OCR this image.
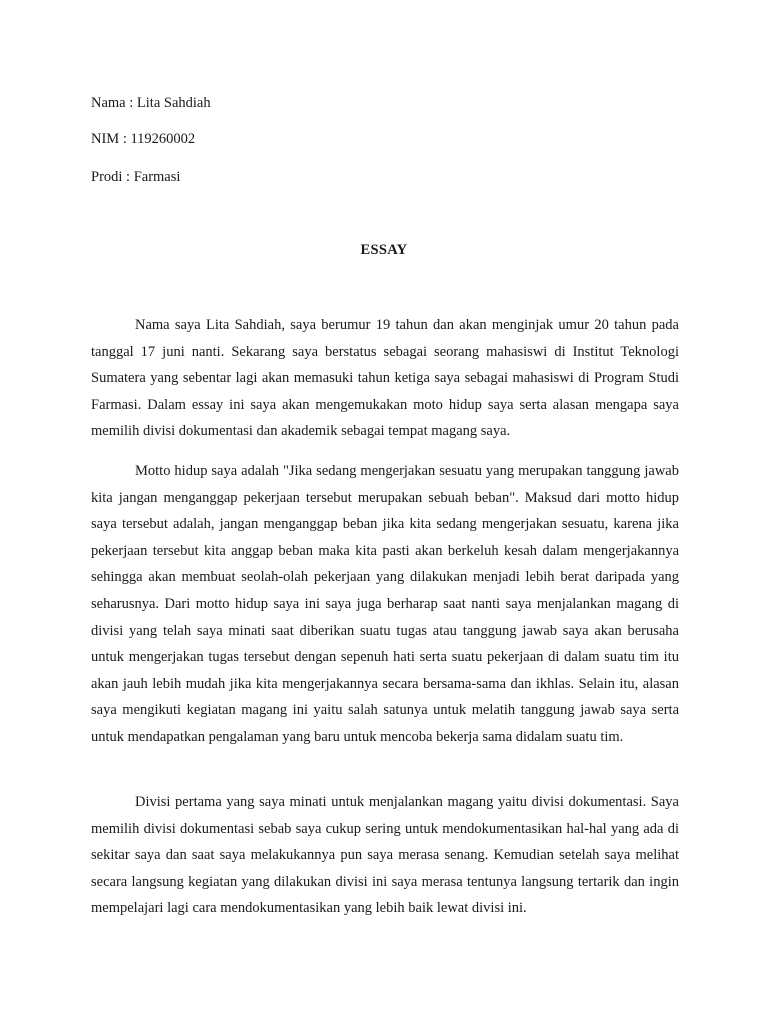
Nama : Lita Sahdiah
NIM : 119260002
Prodi : Farmasi
ESSAY

Nama saya Lita Sahdiah, saya berumur 19 tahun dan akan menginjak umur 20 tahun pada tanggal 17 juni nanti. Sekarang saya berstatus sebagai seorang mahasiswi di Institut Teknologi Sumatera yang sebentar lagi akan memasuki tahun ketiga saya sebagai mahasiswi di Program Studi Farmasi. Dalam essay ini saya akan mengemukakan moto hidup saya serta alasan mengapa saya memilih divisi dokumentasi dan akademik sebagai tempat magang saya.

Motto hidup saya adalah "Jika sedang mengerjakan sesuatu yang merupakan tanggung jawab kita jangan menganggap pekerjaan tersebut merupakan sebuah beban". Maksud dari motto hidup saya tersebut adalah, jangan menganggap beban jika kita sedang mengerjakan sesuatu, karena jika pekerjaan tersebut kita anggap beban maka kita pasti akan berkeluh kesah dalam mengerjakannya sehingga akan membuat seolah-olah pekerjaan yang dilakukan menjadi lebih berat daripada yang seharusnya. Dari motto hidup saya ini saya juga berharap saat nanti saya menjalankan magang di divisi yang telah saya minati saat diberikan suatu tugas atau tanggung jawab saya akan berusaha untuk mengerjakan tugas tersebut dengan sepenuh hati serta suatu pekerjaan di dalam suatu tim itu akan jauh lebih mudah jika kita mengerjakannya secara bersama-sama dan ikhlas. Selain itu, alasan saya mengikuti kegiatan magang ini yaitu salah satunya untuk melatih tanggung jawab saya serta untuk mendapatkan pengalaman yang baru untuk mencoba bekerja sama didalam suatu tim.

Divisi pertama yang saya minati untuk menjalankan magang yaitu divisi dokumentasi. Saya memilih divisi dokumentasi sebab saya cukup sering untuk mendokumentasikan hal-hal yang ada di sekitar saya dan saat saya melakukannya pun saya merasa senang. Kemudian setelah saya melihat secara langsung kegiatan yang dilakukan divisi ini saya merasa tentunya langsung tertarik dan ingin mempelajari lagi cara mendokumentasikan yang lebih baik lewat divisi ini.
